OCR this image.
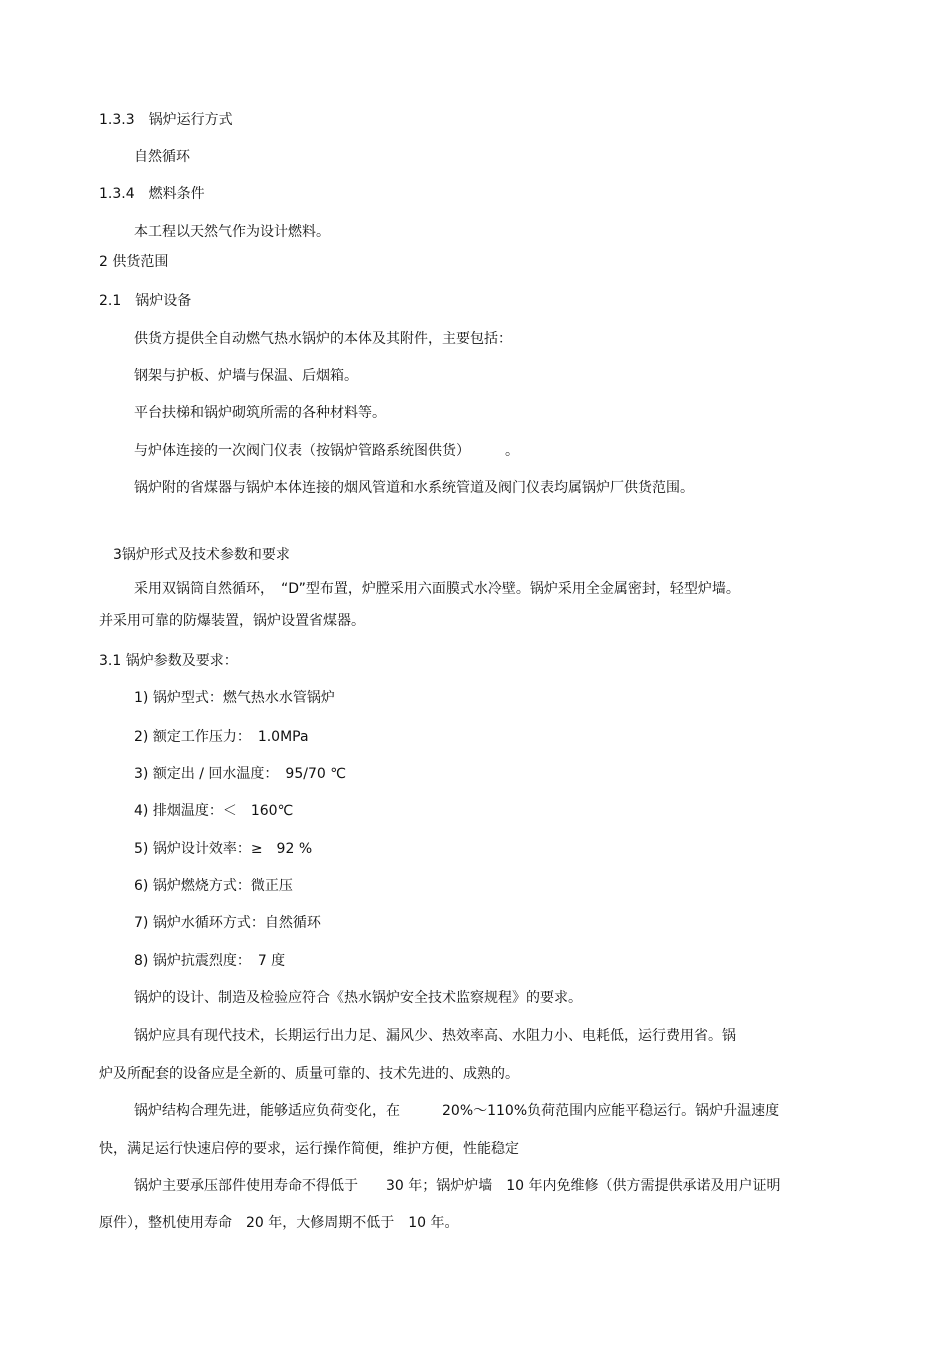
1.3.3　锅炉运行方式
自然循环
1.3.4　燃料条件
本工程以天然气作为设计燃料。
2 供货范围
2.1　锅炉设备
供货方提供全自动燃气热水锅炉的本体及其附件，主要包括：
钢架与护板、炉墙与保温、后烟箱。
平台扶梯和锅炉砌筑所需的各种材料等。
与炉体连接的一次阀门仪表（按锅炉管路系统图供货）　　　。
锅炉附的省煤器与锅炉本体连接的烟风管道和水系统管道及阀门仪表均属锅炉厂供货范围。
3锅炉形式及技术参数和要求
采用双锅筒自然循环，　“D”型布置，炉膛采用六面膜式水冷壁。锅炉采用全金属密封，轻型炉墙。
并采用可靠的防爆装置，锅炉设置省煤器。
3.1 锅炉参数及要求：
1) 锅炉型式：燃气热水水管锅炉
2) 额定工作压力：　1.0MPa
3) 额定出 / 回水温度：　95/70 ℃
4) 排烟温度：＜　160℃
5) 锅炉设计效率：≥　92 %
6) 锅炉燃烧方式：微正压
7) 锅炉水循环方式：自然循环
8) 锅炉抗震烈度：　7 度
锅炉的设计、制造及检验应符合《热水锅炉安全技术监察规程》的要求。
锅炉应具有现代技术，长期运行出力足、漏风少、热效率高、水阻力小、电耗低，运行费用省。锅
炉及所配套的设备应是全新的、质量可靠的、技术先进的、成熟的。
锅炉结构合理先进，能够适应负荷变化，在　　　20%～110%负荷范围内应能平稳运行。锅炉升温速度
快，满足运行快速启停的要求，运行操作简便，维护方便，性能稳定
锅炉主要承压部件使用寿命不得低于　　30 年；锅炉炉墙　10 年内免维修（供方需提供承诺及用户证明
原件），整机使用寿命　20 年，大修周期不低于　10 年。
